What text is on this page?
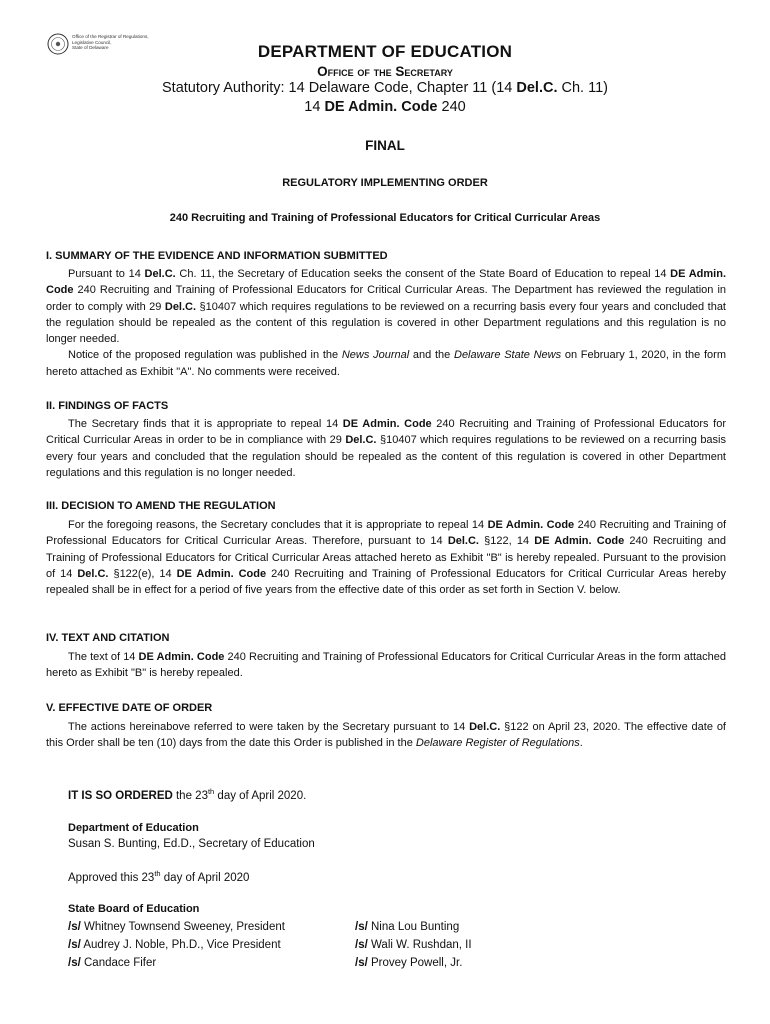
Office of the Registrar of Regulations,
Legislative Council,
State of Delaware	DEPARTMENT OF EDUCATION
Office of the Secretary
Statutory Authority: 14 Delaware Code, Chapter 11 (14 Del.C. Ch. 11)
14 DE Admin. Code 240
FINAL
REGULATORY IMPLEMENTING ORDER
240 Recruiting and Training of Professional Educators for Critical Curricular Areas
I. SUMMARY OF THE EVIDENCE AND INFORMATION SUBMITTED

Pursuant to 14 Del.C. Ch. 11, the Secretary of Education seeks the consent of the State Board of Education to repeal 14 DE Admin. Code 240 Recruiting and Training of Professional Educators for Critical Curricular Areas. The Department has reviewed the regulation in order to comply with 29 Del.C. §10407 which requires regulations to be reviewed on a recurring basis every four years and concluded that the regulation should be repealed as the content of this regulation is covered in other Department regulations and this regulation is no longer needed.

Notice of the proposed regulation was published in the News Journal and the Delaware State News on February 1, 2020, in the form hereto attached as Exhibit "A". No comments were received.

II. FINDINGS OF FACTS

The Secretary finds that it is appropriate to repeal 14 DE Admin. Code 240 Recruiting and Training of Professional Educators for Critical Curricular Areas in order to be in compliance with 29 Del.C. §10407 which requires regulations to be reviewed on a recurring basis every four years and concluded that the regulation should be repealed as the content of this regulation is covered in other Department regulations and this regulation is no longer needed.

III. DECISION TO AMEND THE REGULATION

For the foregoing reasons, the Secretary concludes that it is appropriate to repeal 14 DE Admin. Code 240 Recruiting and Training of Professional Educators for Critical Curricular Areas. Therefore, pursuant to 14 Del.C. §122, 14 DE Admin. Code 240 Recruiting and Training of Professional Educators for Critical Curricular Areas attached hereto as Exhibit "B" is hereby repealed. Pursuant to the provision of 14 Del.C. §122(e), 14 DE Admin. Code 240 Recruiting and Training of Professional Educators for Critical Curricular Areas hereby repealed shall be in effect for a period of five years from the effective date of this order as set forth in Section V. below.

IV. TEXT AND CITATION

The text of 14 DE Admin. Code 240 Recruiting and Training of Professional Educators for Critical Curricular Areas in the form attached hereto as Exhibit "B" is hereby repealed.

V. EFFECTIVE DATE OF ORDER

The actions hereinabove referred to were taken by the Secretary pursuant to 14 Del.C. §122 on April 23, 2020. The effective date of this Order shall be ten (10) days from the date this Order is published in the Delaware Register of Regulations.

IT IS SO ORDERED the 23th day of April 2020.
Department of Education
Susan S. Bunting, Ed.D., Secretary of Education
Approved this 23th day of April 2020
State Board of Education
/s/ Whitney Townsend Sweeney, President
/s/ Audrey J. Noble, Ph.D., Vice President
/s/ Candace Fifer
/s/ Nina Lou Bunting
/s/ Wali W. Rushdan, II
/s/ Provey Powell, Jr.
